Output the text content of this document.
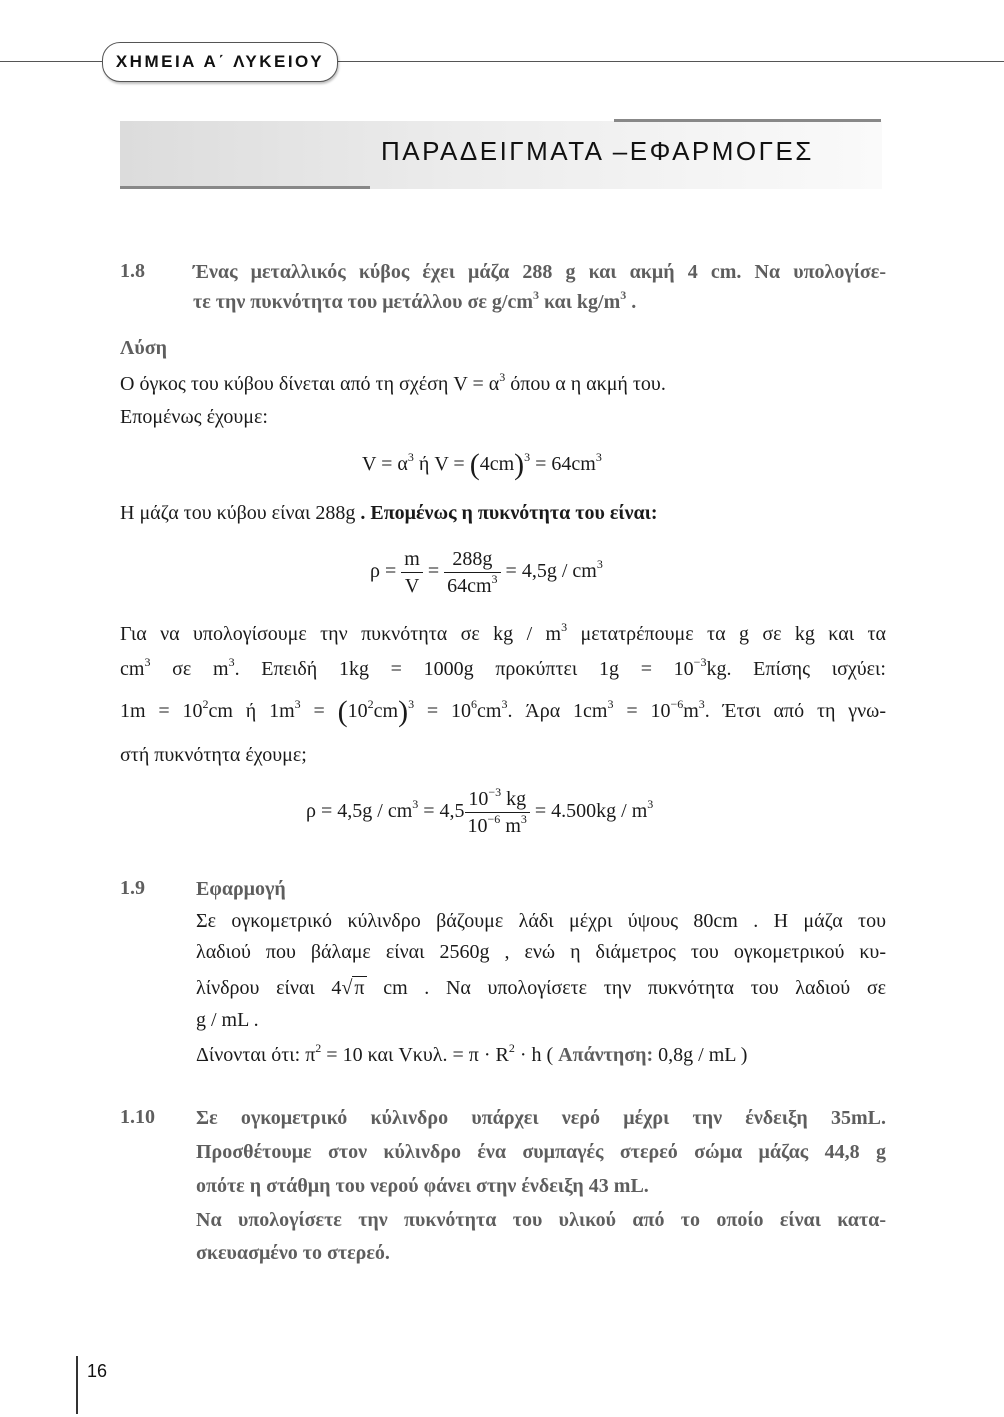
ΧΗΜΕΙΑ Α΄ ΛΥΚΕΙΟΥ
ΠΑΡΑΔΕΙΓΜΑΤΑ –ΕΦΑΡΜΟΓΕΣ
1.8 Ένας μεταλλικός κύβος έχει μάζα 288 g και ακμή 4 cm. Να υπολογίσε-
τε την πυκνότητα του μετάλλου σε $g/cm^3$ και $kg/m^3$ .
Λύση
Ο όγκος του κύβου δίνεται από τη σχέση $V = \alpha^3$ όπου α η ακμή του.
Επομένως έχουμε:
$V = \alpha^3$ ή $V = (4cm)^3 = 64cm^3$
Η μάζα του κύβου είναι 288g . Επομένως η πυκνότητα του είναι:
$\rho = \frac{m}{V} = \frac{288g}{64cm^3} = 4,5g / cm^3$
Για να υπολογίσουμε την πυκνότητα σε kg / $m^3$ μετατρέπουμε τα g σε kg και τα
$cm^3$ σε $m^3$. Επειδή 1kg = 1000g προκύπτει $1g = 10^{-3}kg$. Επίσης ισχύει:
$1m = 10^2cm$ ή $1m^3 = (10^2cm)^3 = 10^6cm^3$. Άρα $1cm^3 = 10^{-6}m^3$. Έτσι από τη γνω-
στή πυκνότητα έχουμε;
$\rho = 4,5g / cm^3 = 4,5 \frac{10^{-3} kg}{10^{-6} m^3} = 4.500kg / m^3$
1.9	Εφαρμογή
Σε ογκομετρικό κύλινδρο βάζουμε λάδι μέχρι ύψους 80cm . Η μάζα του
λαδιού που βάλαμε είναι 2560g , ενώ η διάμετρος του ογκομετρικού κυ-
λίνδρου είναι 4√ π cm . Να υπολογίσετε την πυκνότητα του λαδιού σε
g / mL .
Δίνονται ότι: $\pi^2 = 10$ και Vκυλ. = $\pi \cdot R^2 \cdot h$ ( Απάντηση: 0,8g / mL )
1.10 Σε ογκομετρικό κύλινδρο υπάρχει νερό μέχρι την ένδειξη 35mL.
Προσθέτουμε στον κύλινδρο ένα συμπαγές στερεό σώμα μάζας 44,8 g
οπότε η στάθμη του νερού φάνει στην ένδειξη 43 mL.
Να υπολογίσετε την πυκνότητα του υλικού από το οποίο είναι κατα-
σκευασμένο το στερεό.
16
